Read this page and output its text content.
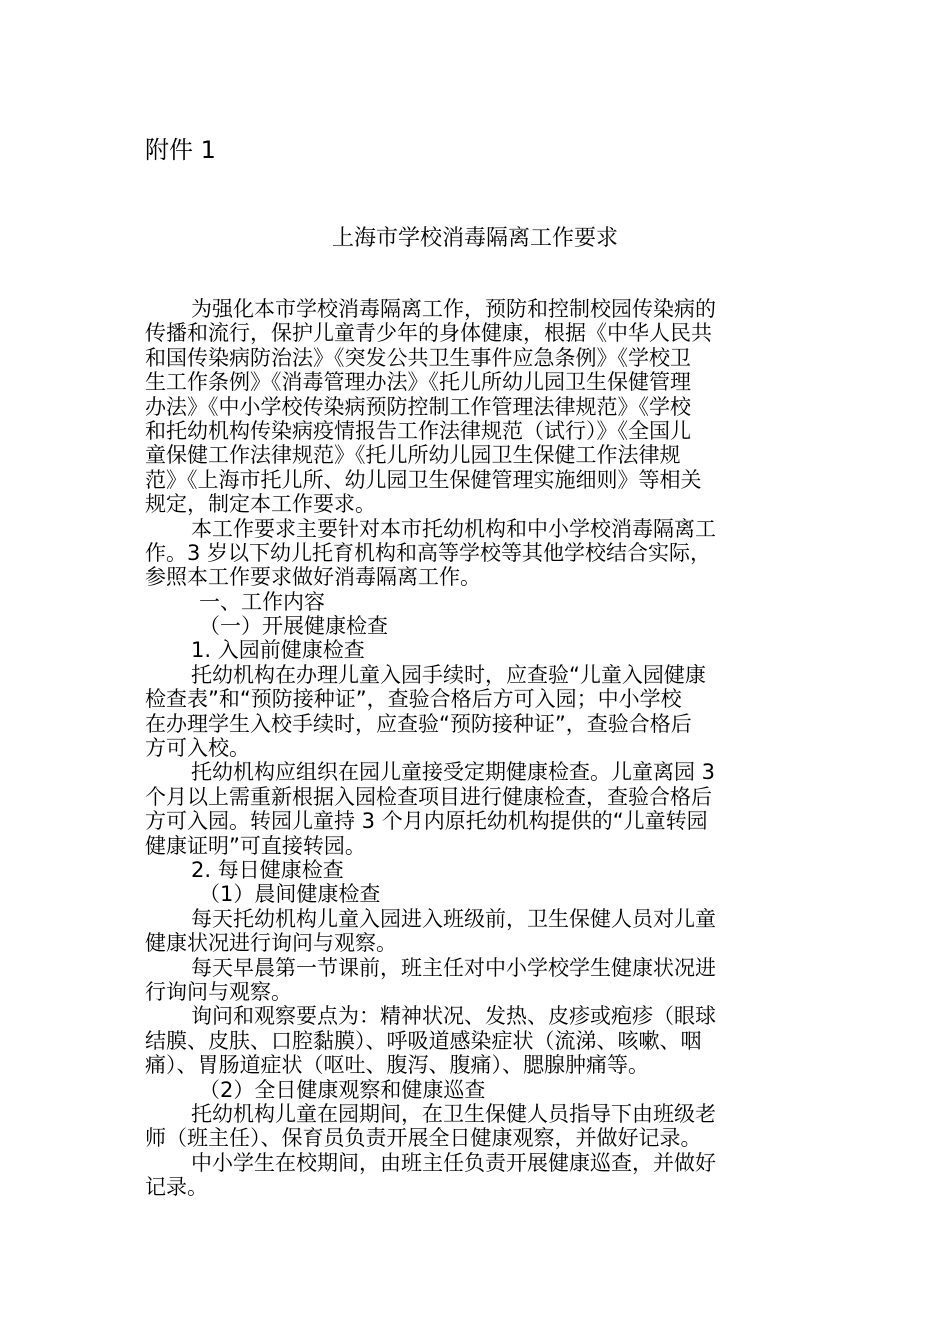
附件 1
上海市学校消毒隔离工作要求
为强化本市学校消毒隔离工作，预防和控制校园传染病的
传播和流行，保护儿童青少年的身体健康，根据《中华人民共
和国传染病防治法》《突发公共卫生事件应急条例》《学校卫
生工作条例》《消毒管理办法》《托儿所幼儿园卫生保健管理
办法》《中小学校传染病预防控制工作管理法律规范》《学校
和托幼机构传染病疫情报告工作法律规范（试行）》《全国儿
童保健工作法律规范》《托儿所幼儿园卫生保健工作法律规
范》《上海市托儿所、幼儿园卫生保健管理实施细则》等相关
规定，制定本工作要求。
本工作要求主要针对本市托幼机构和中小学校消毒隔离工
作。3 岁以下幼儿托育机构和高等学校等其他学校结合实际，
参照本工作要求做好消毒隔离工作。
一、工作内容
（一）开展健康检查
1. 入园前健康检查
托幼机构在办理儿童入园手续时，应查验“儿童入园健康
检查表”和“预防接种证”，查验合格后方可入园；中小学校
在办理学生入校手续时，应查验“预防接种证”，查验合格后
方可入校。
托幼机构应组织在园儿童接受定期健康检查。儿童离园 3
个月以上需重新根据入园检查项目进行健康检查，查验合格后
方可入园。转园儿童持 3 个月内原托幼机构提供的“儿童转园
健康证明”可直接转园。
2. 每日健康检查
（1）晨间健康检查
每天托幼机构儿童入园进入班级前，卫生保健人员对儿童
健康状况进行询问与观察。
每天早晨第一节课前，班主任对中小学校学生健康状况进
行询问与观察。
询问和观察要点为：精神状况、发热、皮疹或疱疹（眼球
结膜、皮肤、口腔黏膜）、呼吸道感染症状（流涕、咳嗽、咽
痛）、胃肠道症状（呕吐、腹泻、腹痛）、腮腺肿痛等。
（2）全日健康观察和健康巡查
托幼机构儿童在园期间，在卫生保健人员指导下由班级老
师（班主任）、保育员负责开展全日健康观察，并做好记录。
中小学生在校期间，由班主任负责开展健康巡查，并做好
记录。
